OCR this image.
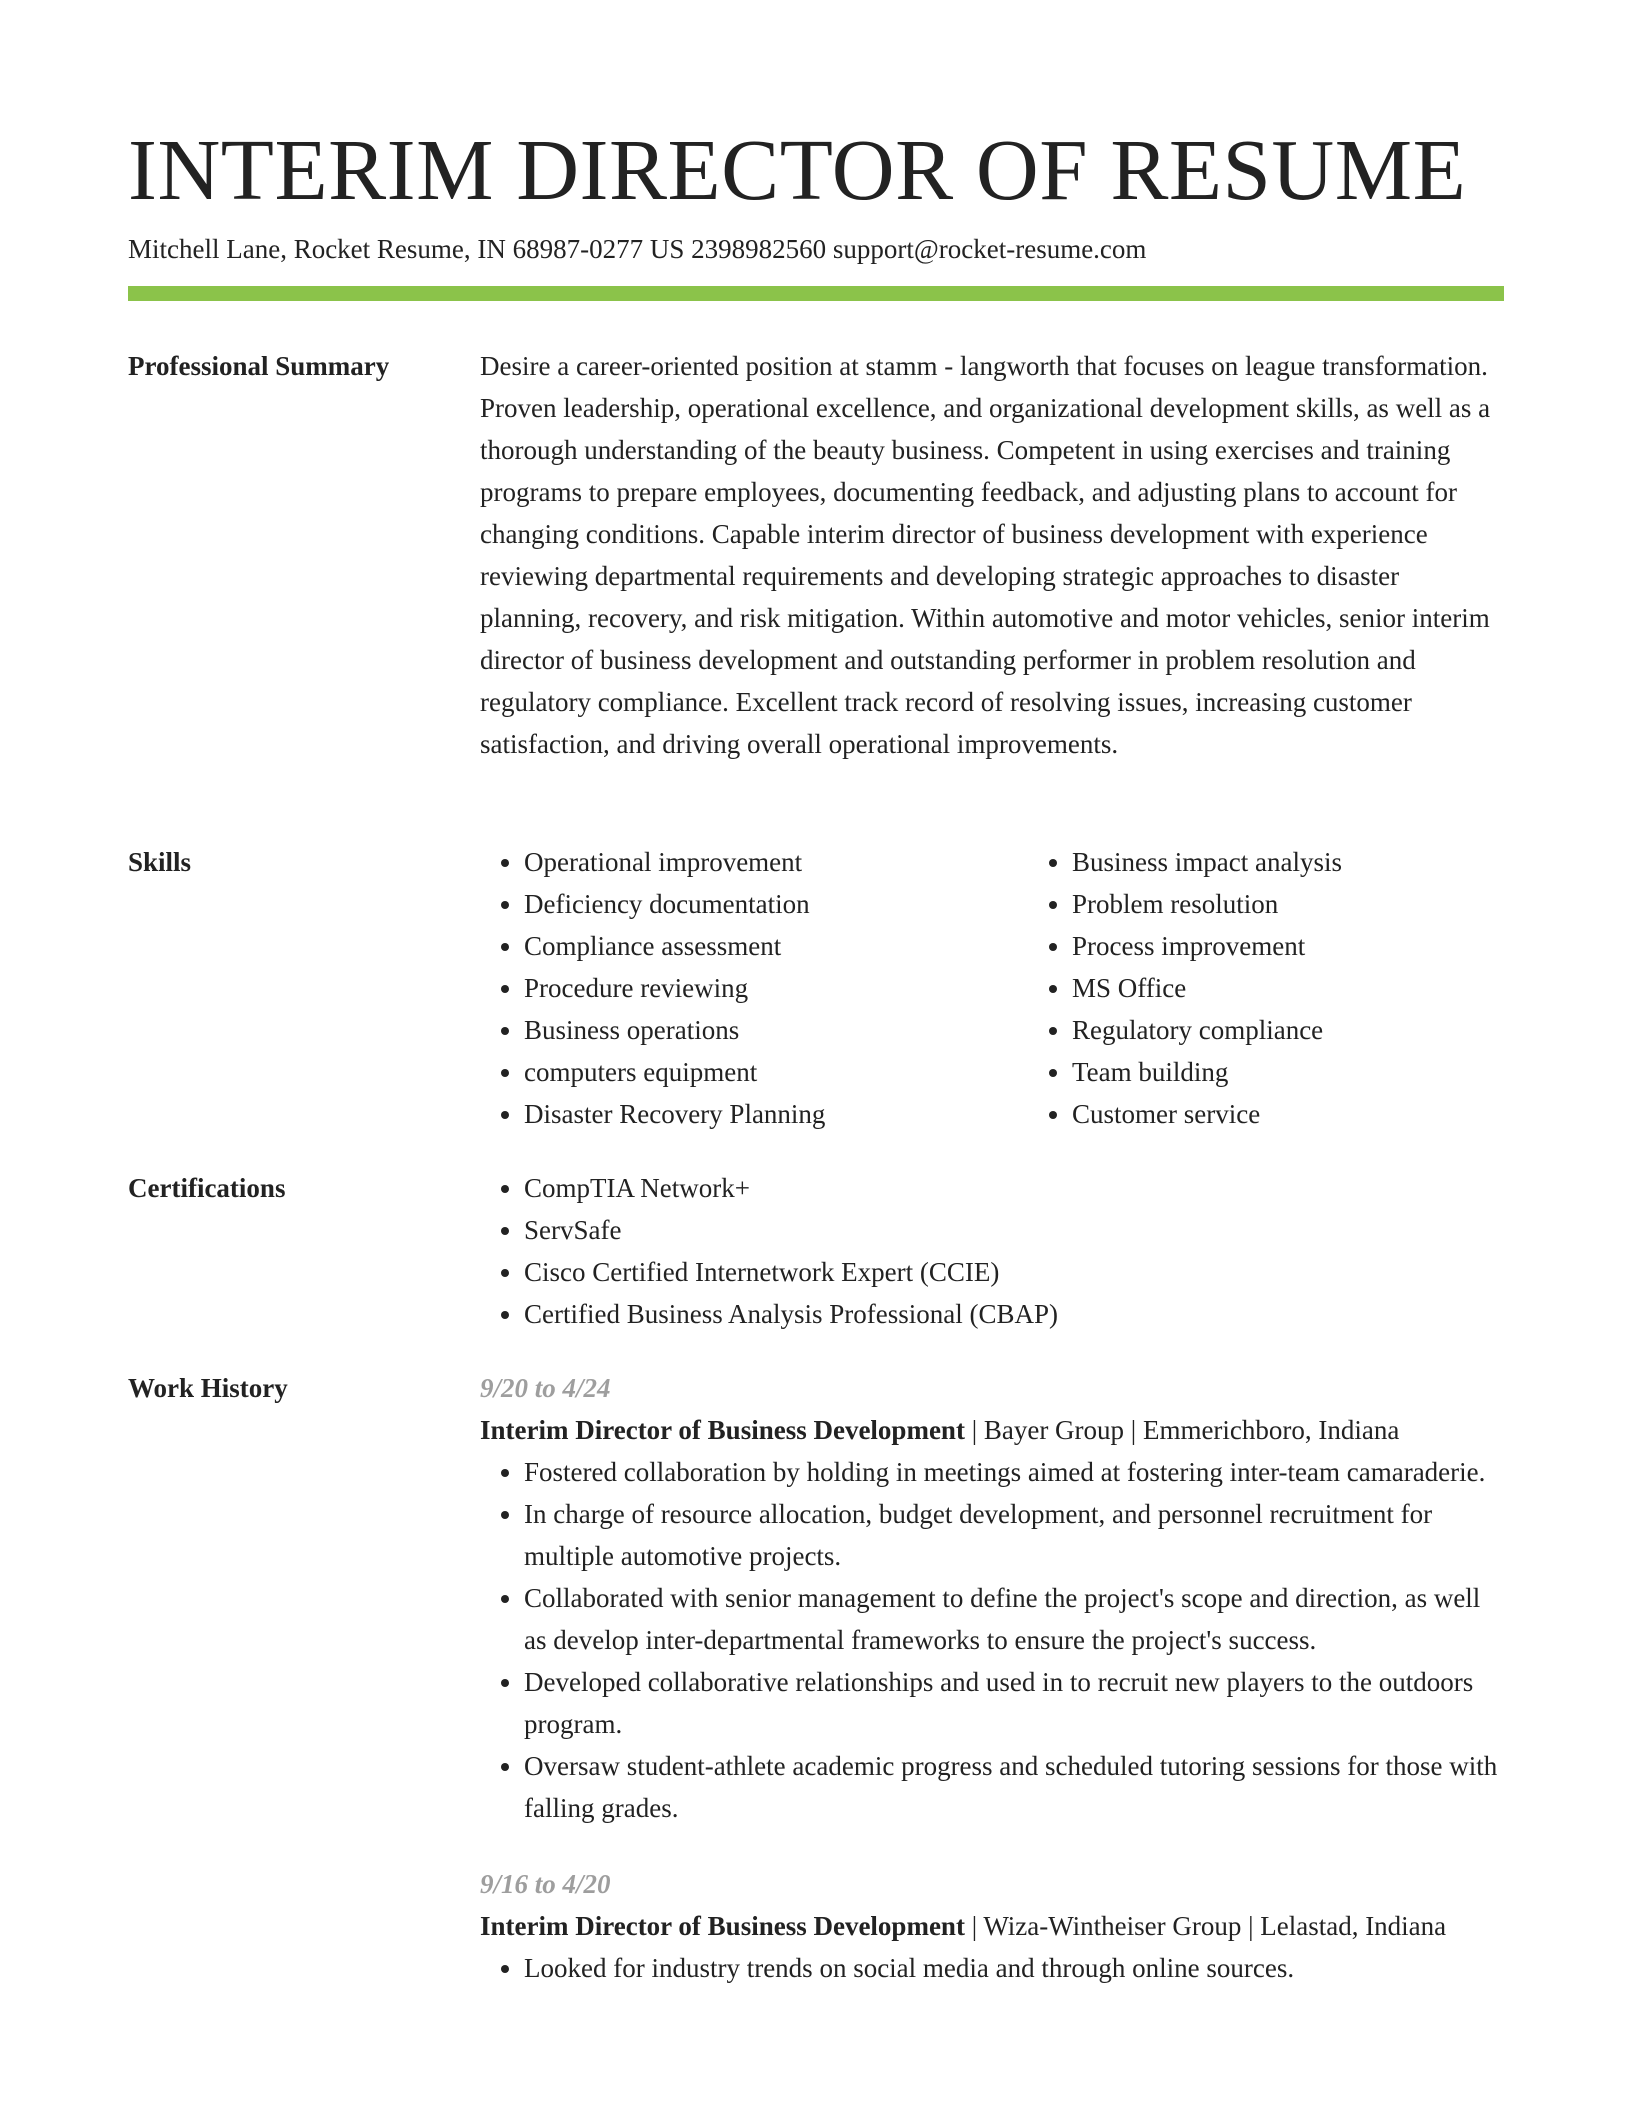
INTERIM DIRECTOR OF RESUME
Mitchell Lane, Rocket Resume, IN 68987-0277 US 2398982560 support@rocket-resume.com
Professional Summary	Desire a career-oriented position at stamm - langworth that focuses on league transformation. Proven leadership, operational excellence, and organizational development skills, as well as a thorough understanding of the beauty business. Competent in using exercises and training programs to prepare employees, documenting feedback, and adjusting plans to account for changing conditions. Capable interim director of business development with experience reviewing departmental requirements and developing strategic approaches to disaster planning, recovery, and risk mitigation. Within automotive and motor vehicles, senior interim director of business development and outstanding performer in problem resolution and regulatory compliance. Excellent track record of resolving issues, increasing customer satisfaction, and driving overall operational improvements.

Skills	• Operational improvement
• Deficiency documentation
• Compliance assessment
• Procedure reviewing
• Business operations
• computers equipment
• Disaster Recovery Planning
• Business impact analysis
• Problem resolution
• Process improvement
• MS Office
• Regulatory compliance
• Team building
• Customer service
Certifications	• CompTIA Network+
• ServSafe
• Cisco Certified Internetwork Expert (CCIE)
• Certified Business Analysis Professional (CBAP)
Work History	9/20 to 4/24
Interim Director of Business Development | Bayer Group | Emmerichboro, Indiana
• Fostered collaboration by holding in meetings aimed at fostering inter-team camaraderie.
• In charge of resource allocation, budget development, and personnel recruitment for multiple automotive projects.
• Collaborated with senior management to define the project's scope and direction, as well as develop inter-departmental frameworks to ensure the project's success.
• Developed collaborative relationships and used in to recruit new players to the outdoors program.
• Oversaw student-athlete academic progress and scheduled tutoring sessions for those with falling grades.
9/16 to 4/20
Interim Director of Business Development | Wiza-Wintheiser Group | Lelastad, Indiana
• Looked for industry trends on social media and through online sources.
